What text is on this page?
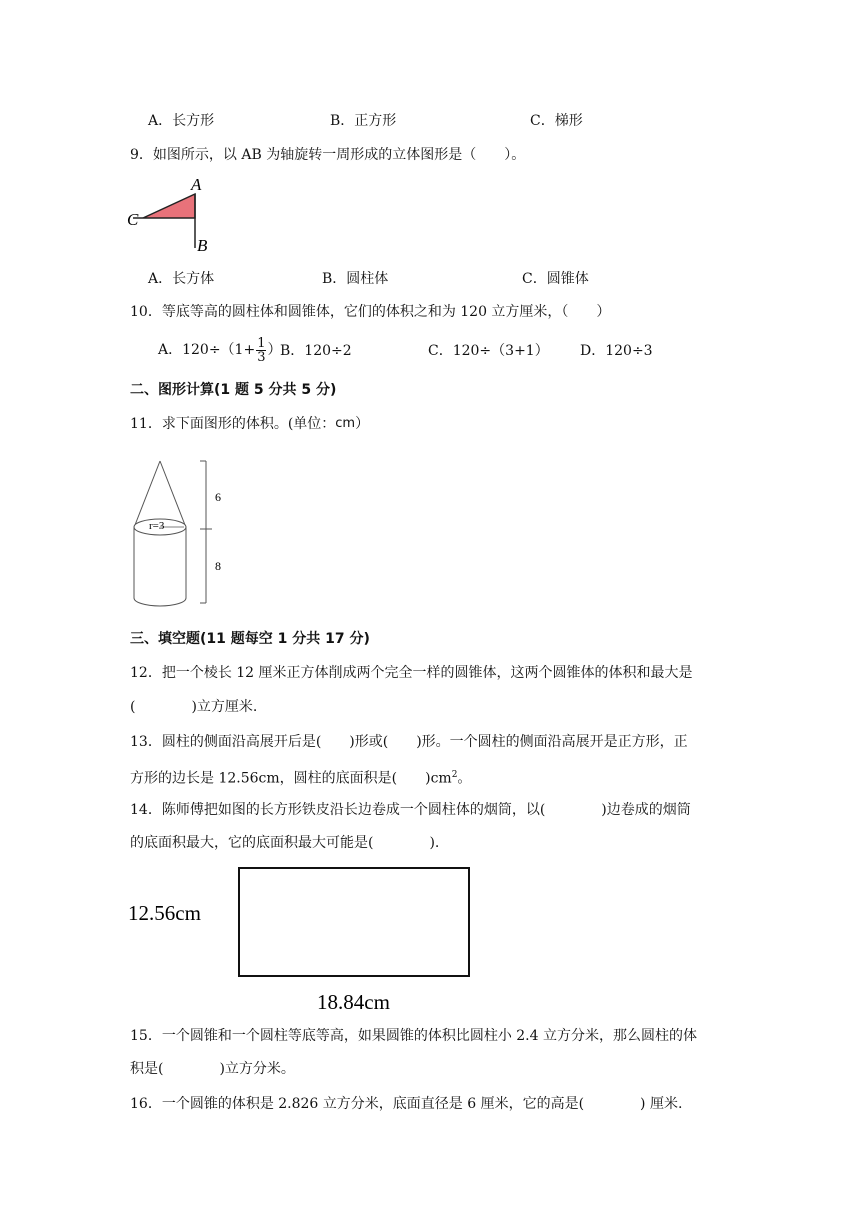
A．长方形	B．正方形	C．梯形
9．如图所示，以 AB 为轴旋转一周形成的立体图形是（　　）。
A
B
C
A．长方体	B．圆柱体	C．圆锥体
10．等底等高的圆柱体和圆锥体，它们的体积之和为 120 立方厘米，（　　）
A．$120\div(1+ \frac{1}{3}$ ）
B．120÷2	C．120÷（3+1） D．120÷3
二、图形计算(1 题 5 分共 5 分)
11．求下面图形的体积。(单位：cm）
r=3
6
8
三、填空题(11 题每空 1 分共 17 分)
12．把一个棱长 12 厘米正方体削成两个完全一样的圆锥体，这两个圆锥体的体积和最大是
(　　　　)立方厘米.
13．圆柱的侧面沿高展开后是(　　)形或(　　)形。一个圆柱的侧面沿高展开是正方形，正
方形的边长是 12.56cm，圆柱的底面积是(　　)$cm^2$。
14．陈师傅把如图的长方形铁皮沿长边卷成一个圆柱体的烟筒，以(　　　　)边卷成的烟筒
的底面积最大，它的底面积最大可能是(　　　　).
12.56cm
18.84cm
15．一个圆锥和一个圆柱等底等高，如果圆锥的体积比圆柱小 2.4 立方分米，那么圆柱的体
积是(　　　　)立方分米。
16．一个圆锥的体积是 2.826 立方分米，底面直径是 6 厘米，它的高是(　　　　) 厘米.
